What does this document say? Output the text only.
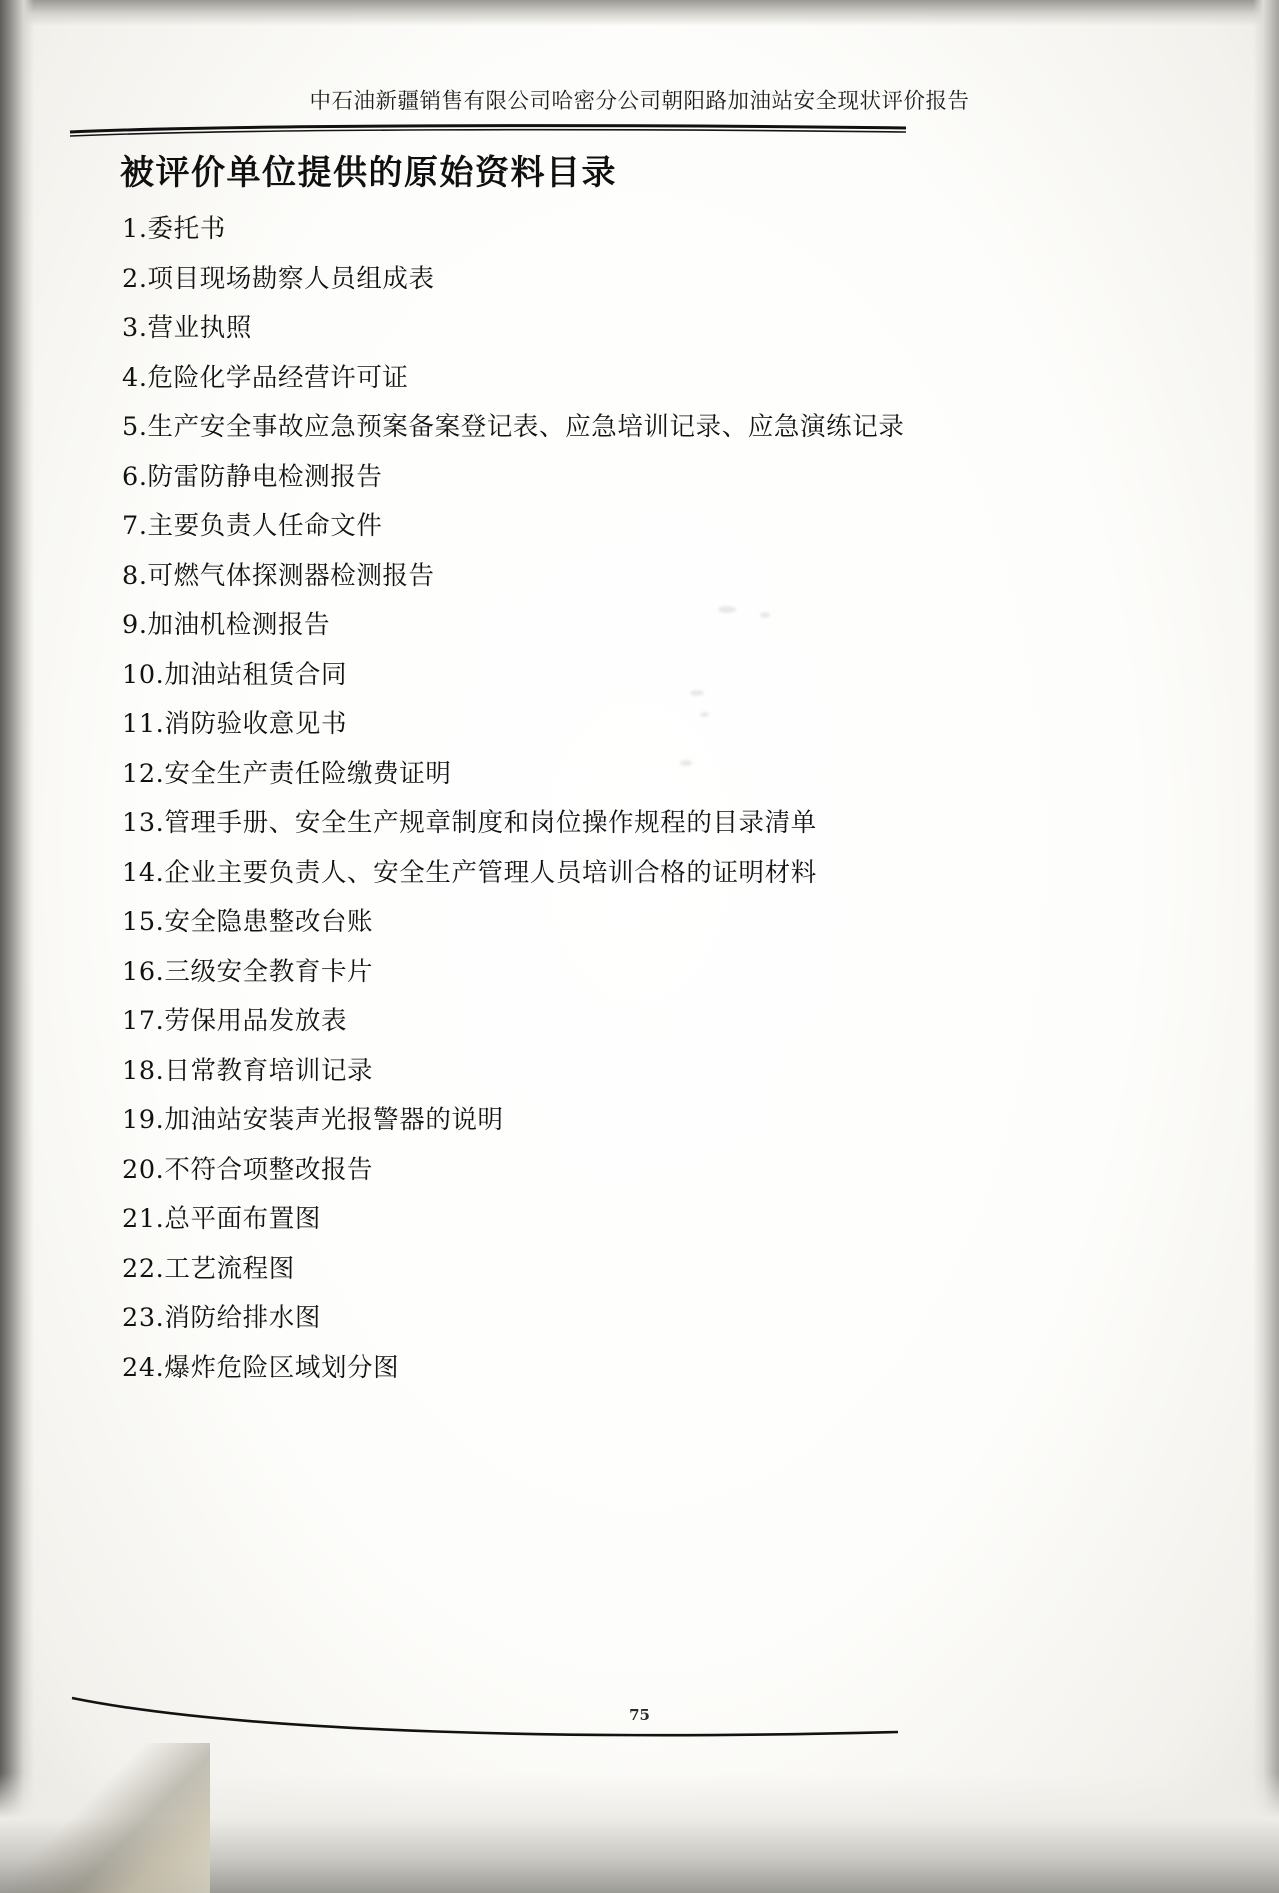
中石油新疆销售有限公司哈密分公司朝阳路加油站安全现状评价报告
被评价单位提供的原始资料目录
1.委托书
2.项目现场勘察人员组成表
3.营业执照
4.危险化学品经营许可证
5.生产安全事故应急预案备案登记表、应急培训记录、应急演练记录
6.防雷防静电检测报告
7.主要负责人任命文件
8.可燃气体探测器检测报告
9.加油机检测报告
10.加油站租赁合同
11.消防验收意见书
12.安全生产责任险缴费证明
13.管理手册、安全生产规章制度和岗位操作规程的目录清单
14.企业主要负责人、安全生产管理人员培训合格的证明材料
15.安全隐患整改台账
16.三级安全教育卡片
17.劳保用品发放表
18.日常教育培训记录
19.加油站安装声光报警器的说明
20.不符合项整改报告
21.总平面布置图
22.工艺流程图
23.消防给排水图
24.爆炸危险区域划分图
75
